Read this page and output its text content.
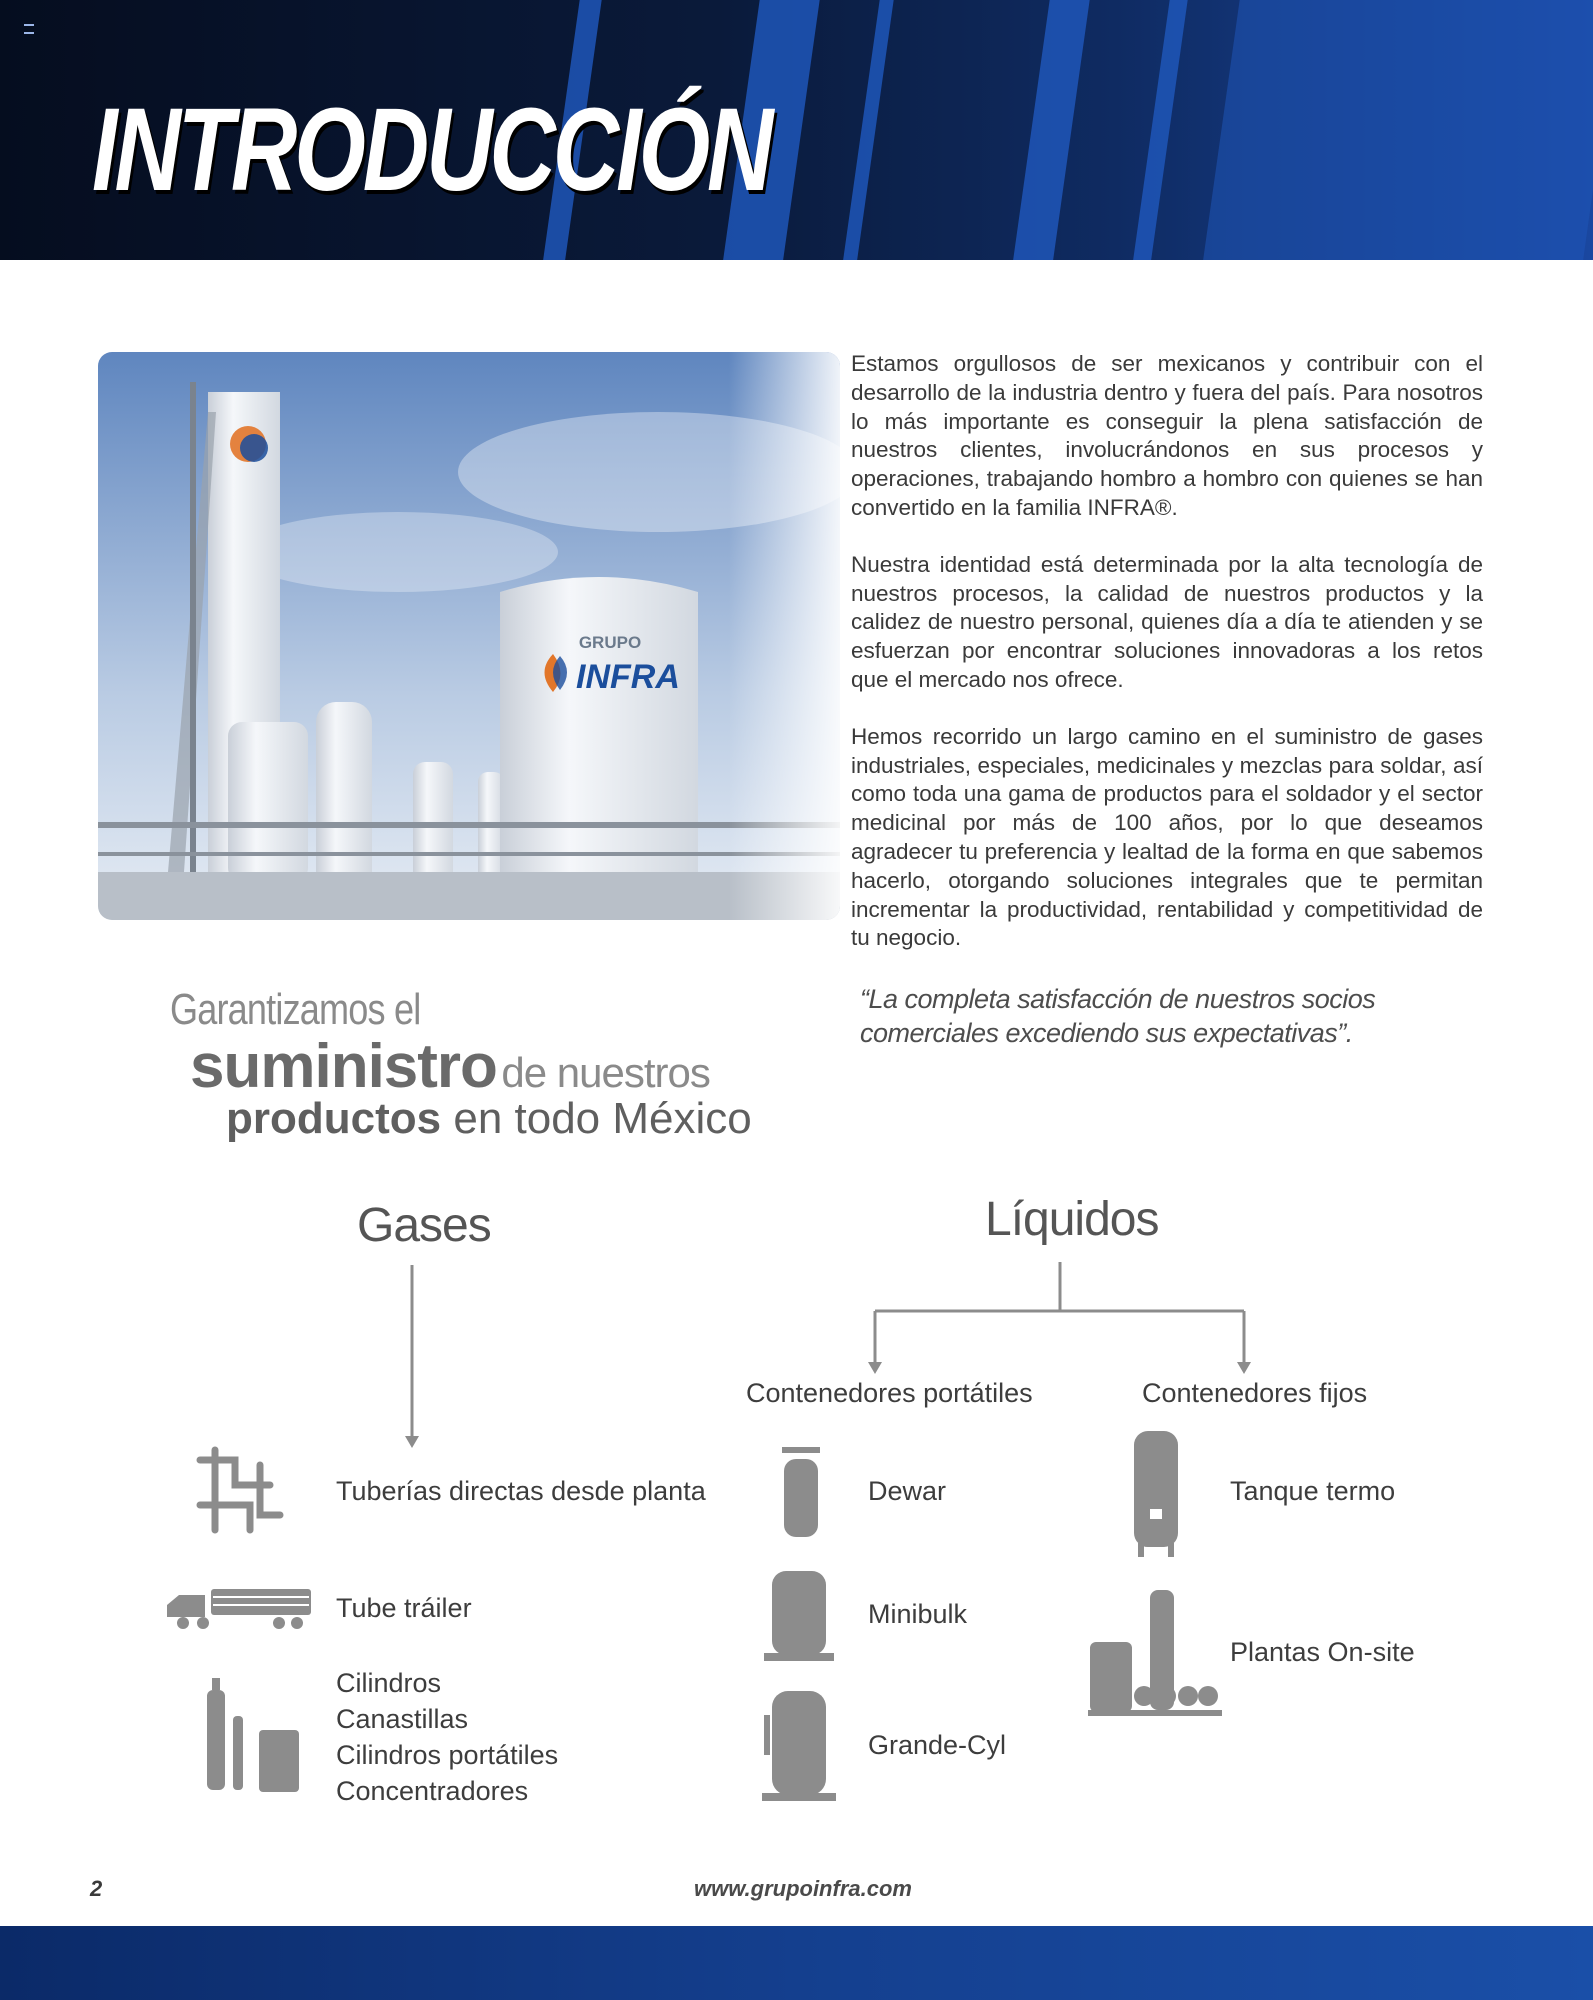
INTRODUCCIÓN

Estamos orgullosos de ser mexicanos y contribuir con el desarrollo de la industria dentro y fuera del país. Para nosotros lo más importante es conseguir la plena satisfacción de nuestros clientes, involucrándonos en sus procesos y operaciones, trabajando hombro a hombro con quienes se han convertido en la familia INFRA®.

Nuestra identidad está determinada por la alta tecnología de nuestros procesos, la calidad de nuestros productos y la calidez de nuestro personal, quienes día a día te atienden y se esfuerzan por encontrar soluciones innovadoras a los retos que el mercado nos ofrece.

Hemos recorrido un largo camino en el suministro de gases industriales, especiales, medicinales y mezclas para soldar, así como toda una gama de productos para el soldador y el sector medicinal por más de 100 años, por lo que deseamos agradecer tu preferencia y lealtad de la forma en que sabemos hacerlo, otorgando soluciones integrales que te permitan incrementar la productividad, rentabilidad y competitividad de tu negocio.

Garantizamos el
suministro de nuestros
productos en todo México
“La completa satisfacción de nuestros socios comerciales excediendo sus expectativas”.
Gases	Líquidos
Contenedores portátiles	Contenedores fijos
Tuberías directas desde planta
Tube tráiler
Cilindros
Canastillas
Cilindros portátiles
Concentradores
Dewar
Minibulk
Grande-Cyl
Tanque termo
Plantas On-site
2	www.grupoinfra.com
